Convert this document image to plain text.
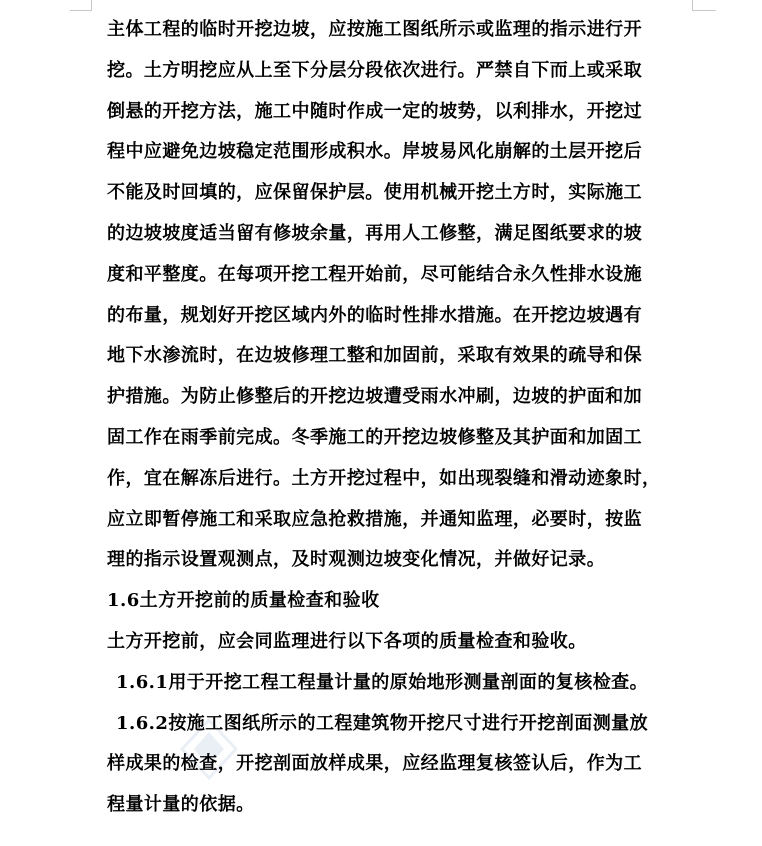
主体工程的临时开挖边坡，应按施工图纸所示或监理的指示进行开
挖。土方明挖应从上至下分层分段依次进行。严禁自下而上或采取
倒悬的开挖方法，施工中随时作成一定的坡势，以利排水，开挖过
程中应避免边坡稳定范围形成积水。岸坡易风化崩解的土层开挖后
不能及时回填的，应保留保护层。使用机械开挖土方时，实际施工
的边坡坡度适当留有修坡余量，再用人工修整，满足图纸要求的坡
度和平整度。在每项开挖工程开始前，尽可能结合永久性排水设施
的布量，规划好开挖区域内外的临时性排水措施。在开挖边坡遇有
地下水渗流时，在边坡修理工整和加固前，采取有效果的疏导和保
护措施。为防止修整后的开挖边坡遭受雨水冲刷，边坡的护面和加
固工作在雨季前完成。冬季施工的开挖边坡修整及其护面和加固工
作，宜在解冻后进行。土方开挖过程中，如出现裂缝和滑动迹象时，
应立即暂停施工和采取应急抢救措施，并通知监理，必要时，按监
理的指示设置观测点，及时观测边坡变化情况，并做好记录。
1.6土方开挖前的质量检查和验收
土方开挖前，应会同监理进行以下各项的质量检查和验收。
1.6.1用于开挖工程工程量计量的原始地形测量剖面的复核检查。
1.6.2按施工图纸所示的工程建筑物开挖尺寸进行开挖剖面测量放
样成果的检查，开挖剖面放样成果，应经监理复核签认后，作为工
程量计量的依据。
